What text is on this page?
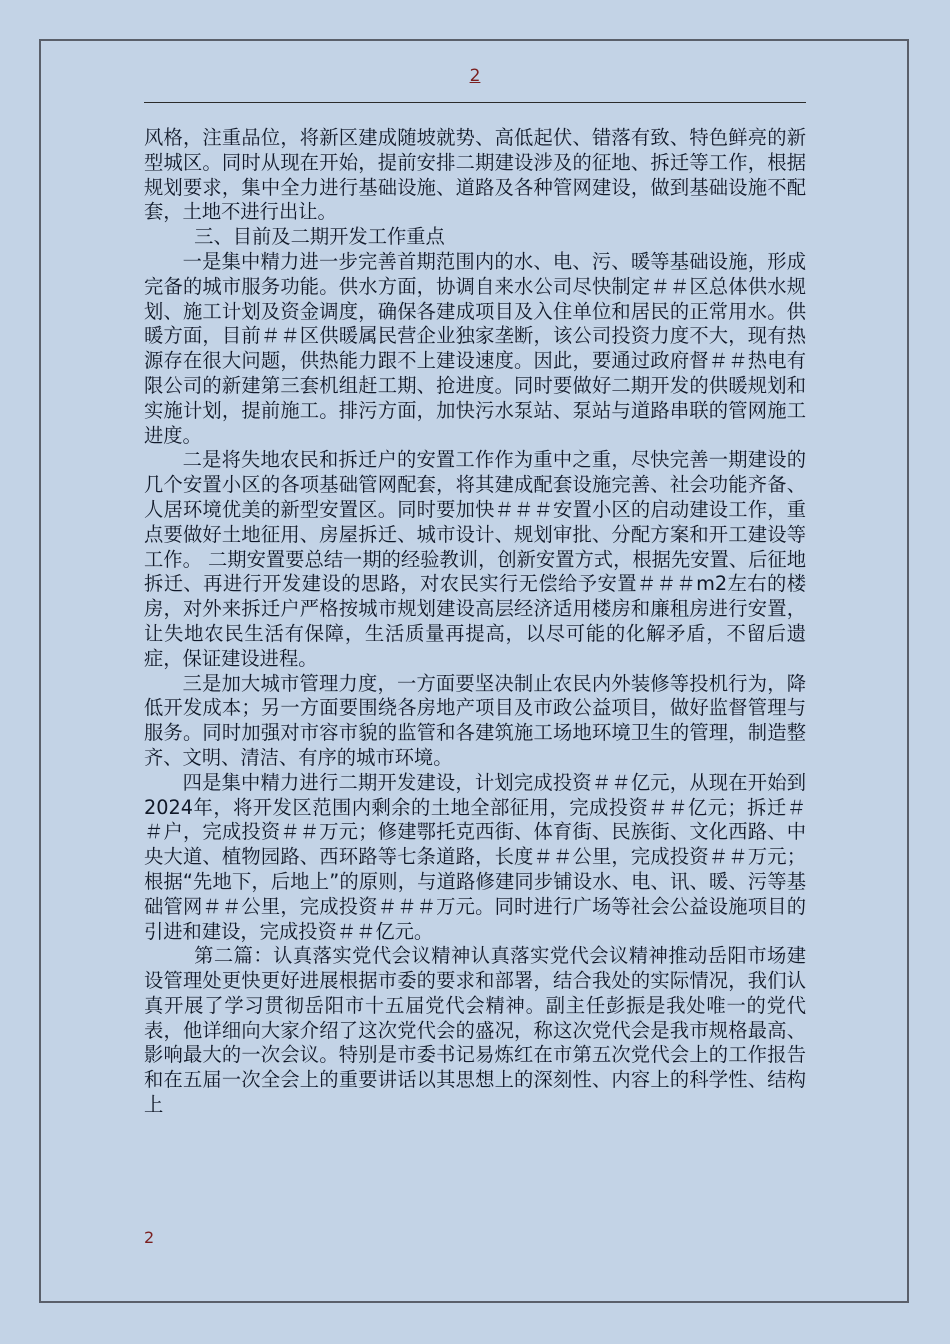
2

风格，注重品位，将新区建成随坡就势、高低起伏、错落有致、特色鲜亮的新型城区。同时从现在开始，提前安排二期建设涉及的征地、拆迁等工作，根据规划要求，集中全力进行基础设施、道路及各种管网建设，做到基础设施不配套，土地不进行出让。

三、目前及二期开发工作重点

一是集中精力进一步完善首期范围内的水、电、污、暖等基础设施，形成完备的城市服务功能。供水方面，协调自来水公司尽快制定＃＃区总体供水规划、施工计划及资金调度，确保各建成项目及入住单位和居民的正常用水。供暖方面，目前＃＃区供暖属民营企业独家垄断，该公司投资力度不大，现有热源存在很大问题，供热能力跟不上建设速度。因此，要通过政府督＃＃热电有限公司的新建第三套机组赶工期、抢进度。同时要做好二期开发的供暖规划和实施计划，提前施工。排污方面，加快污水泵站、泵站与道路串联的管网施工进度。

二是将失地农民和拆迁户的安置工作作为重中之重，尽快完善一期建设的几个安置小区的各项基础管网配套，将其建成配套设施完善、社会功能齐备、人居环境优美的新型安置区。同时要加快＃＃＃安置小区的启动建设工作，重点要做好土地征用、房屋拆迁、城市设计、规划审批、分配方案和开工建设等工作。 二期安置要总结一期的经验教训，创新安置方式，根据先安置、后征地拆迁、再进行开发建设的思路，对农民实行无偿给予安置＃＃＃m2左右的楼房，对外来拆迁户严格按城市规划建设高层经济适用楼房和廉租房进行安置，让失地农民生活有保障，生活质量再提高，以尽可能的化解矛盾，不留后遗症，保证建设进程。

三是加大城市管理力度，一方面要坚决制止农民内外装修等投机行为，降低开发成本；另一方面要围绕各房地产项目及市政公益项目，做好监督管理与服务。同时加强对市容市貌的监管和各建筑施工场地环境卫生的管理，制造整齐、文明、清洁、有序的城市环境。

四是集中精力进行二期开发建设，计划完成投资＃＃亿元，从现在开始到2024年，将开发区范围内剩余的土地全部征用，完成投资＃＃亿元；拆迁＃＃户，完成投资＃＃万元；修建鄂托克西街、体育街、民族街、文化西路、中央大道、植物园路、西环路等七条道路，长度＃＃公里，完成投资＃＃万元；根据“先地下，后地上”的原则，与道路修建同步铺设水、电、讯、暖、污等基础管网＃＃公里，完成投资＃＃＃万元。同时进行广场等社会公益设施项目的引进和建设，完成投资＃＃亿元。

第二篇：认真落实党代会议精神认真落实党代会议精神推动岳阳市场建设管理处更快更好进展根据市委的要求和部署，结合我处的实际情况，我们认真开展了学习贯彻岳阳市十五届党代会精神。副主任彭振是我处唯一的党代表，他详细向大家介绍了这次党代会的盛况，称这次党代会是我市规格最高、影响最大的一次会议。特别是市委书记易炼红在市第五次党代会上的工作报告和在五届一次全会上的重要讲话以其思想上的深刻性、内容上的科学性、结构上

2
